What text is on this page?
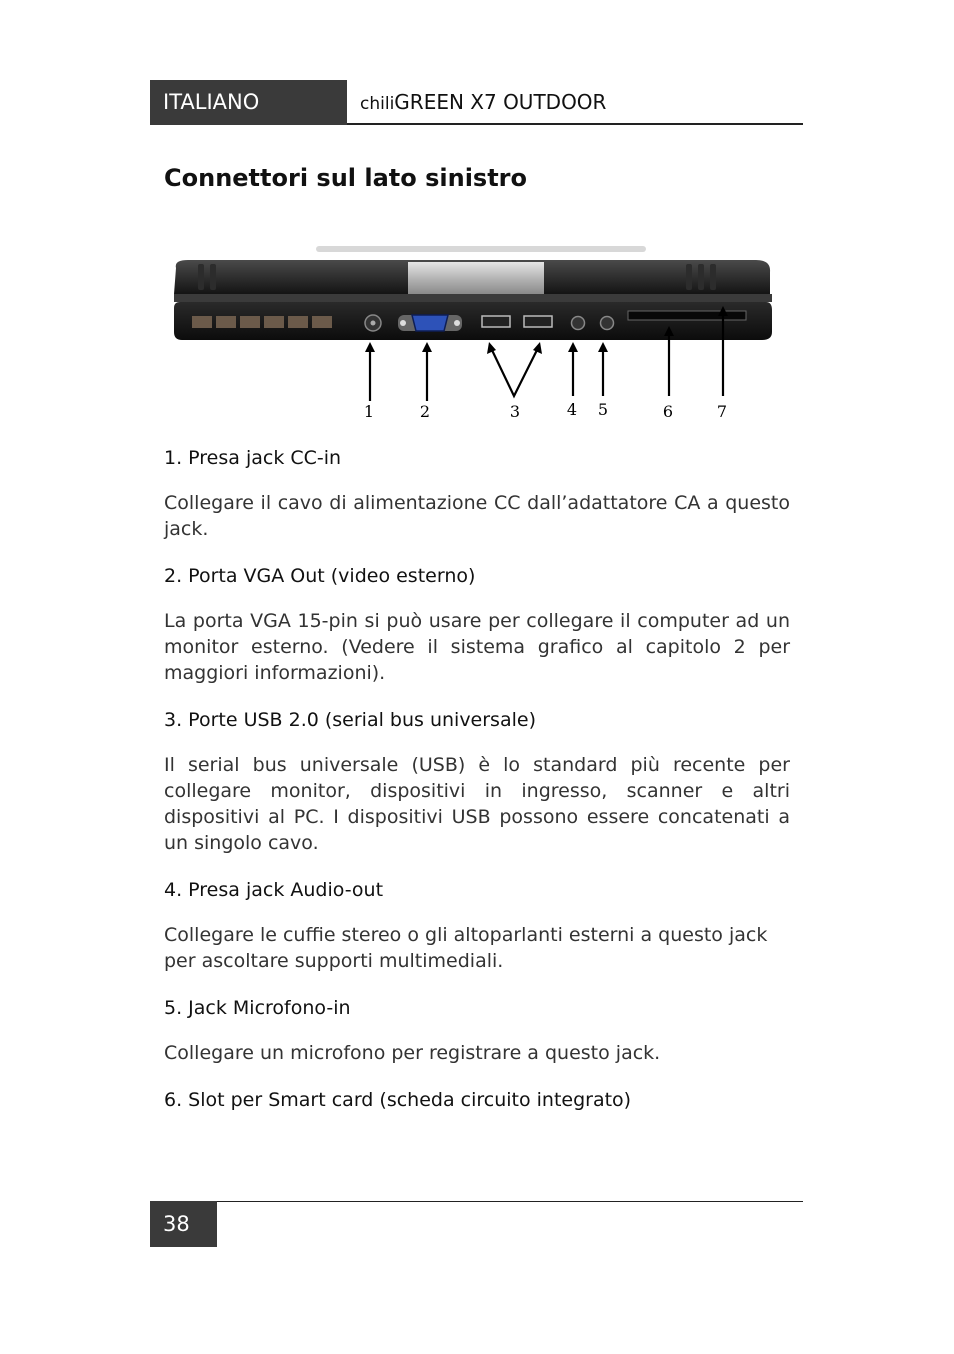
ITALIANO	chiliGREEN X7 OUTDOOR
Connettori sul lato sinistro
1	2	3	4 5	6	7
1. Presa jack CC-in

Collegare il cavo di alimentazione CC dall’adattatore CA a questo jack.

2. Porta VGA Out (video esterno)

La porta VGA 15-pin si può usare per collegare il computer ad un monitor esterno. (Vedere il sistema grafico al capitolo 2 per maggiori informazioni).

3. Porte USB 2.0 (serial bus universale)

Il serial bus universale (USB) è lo standard più recente per collegare monitor, dispositivi in ingresso, scanner e altri dispositivi al PC. I dispositivi USB possono essere concatenati a un singolo cavo.

4. Presa jack Audio-out

Collegare le cuffie stereo o gli altoparlanti esterni a questo jack per ascoltare supporti multimediali.

5. Jack Microfono-in

Collegare un microfono per registrare a questo jack.

6. Slot per Smart card (scheda circuito integrato)
38
